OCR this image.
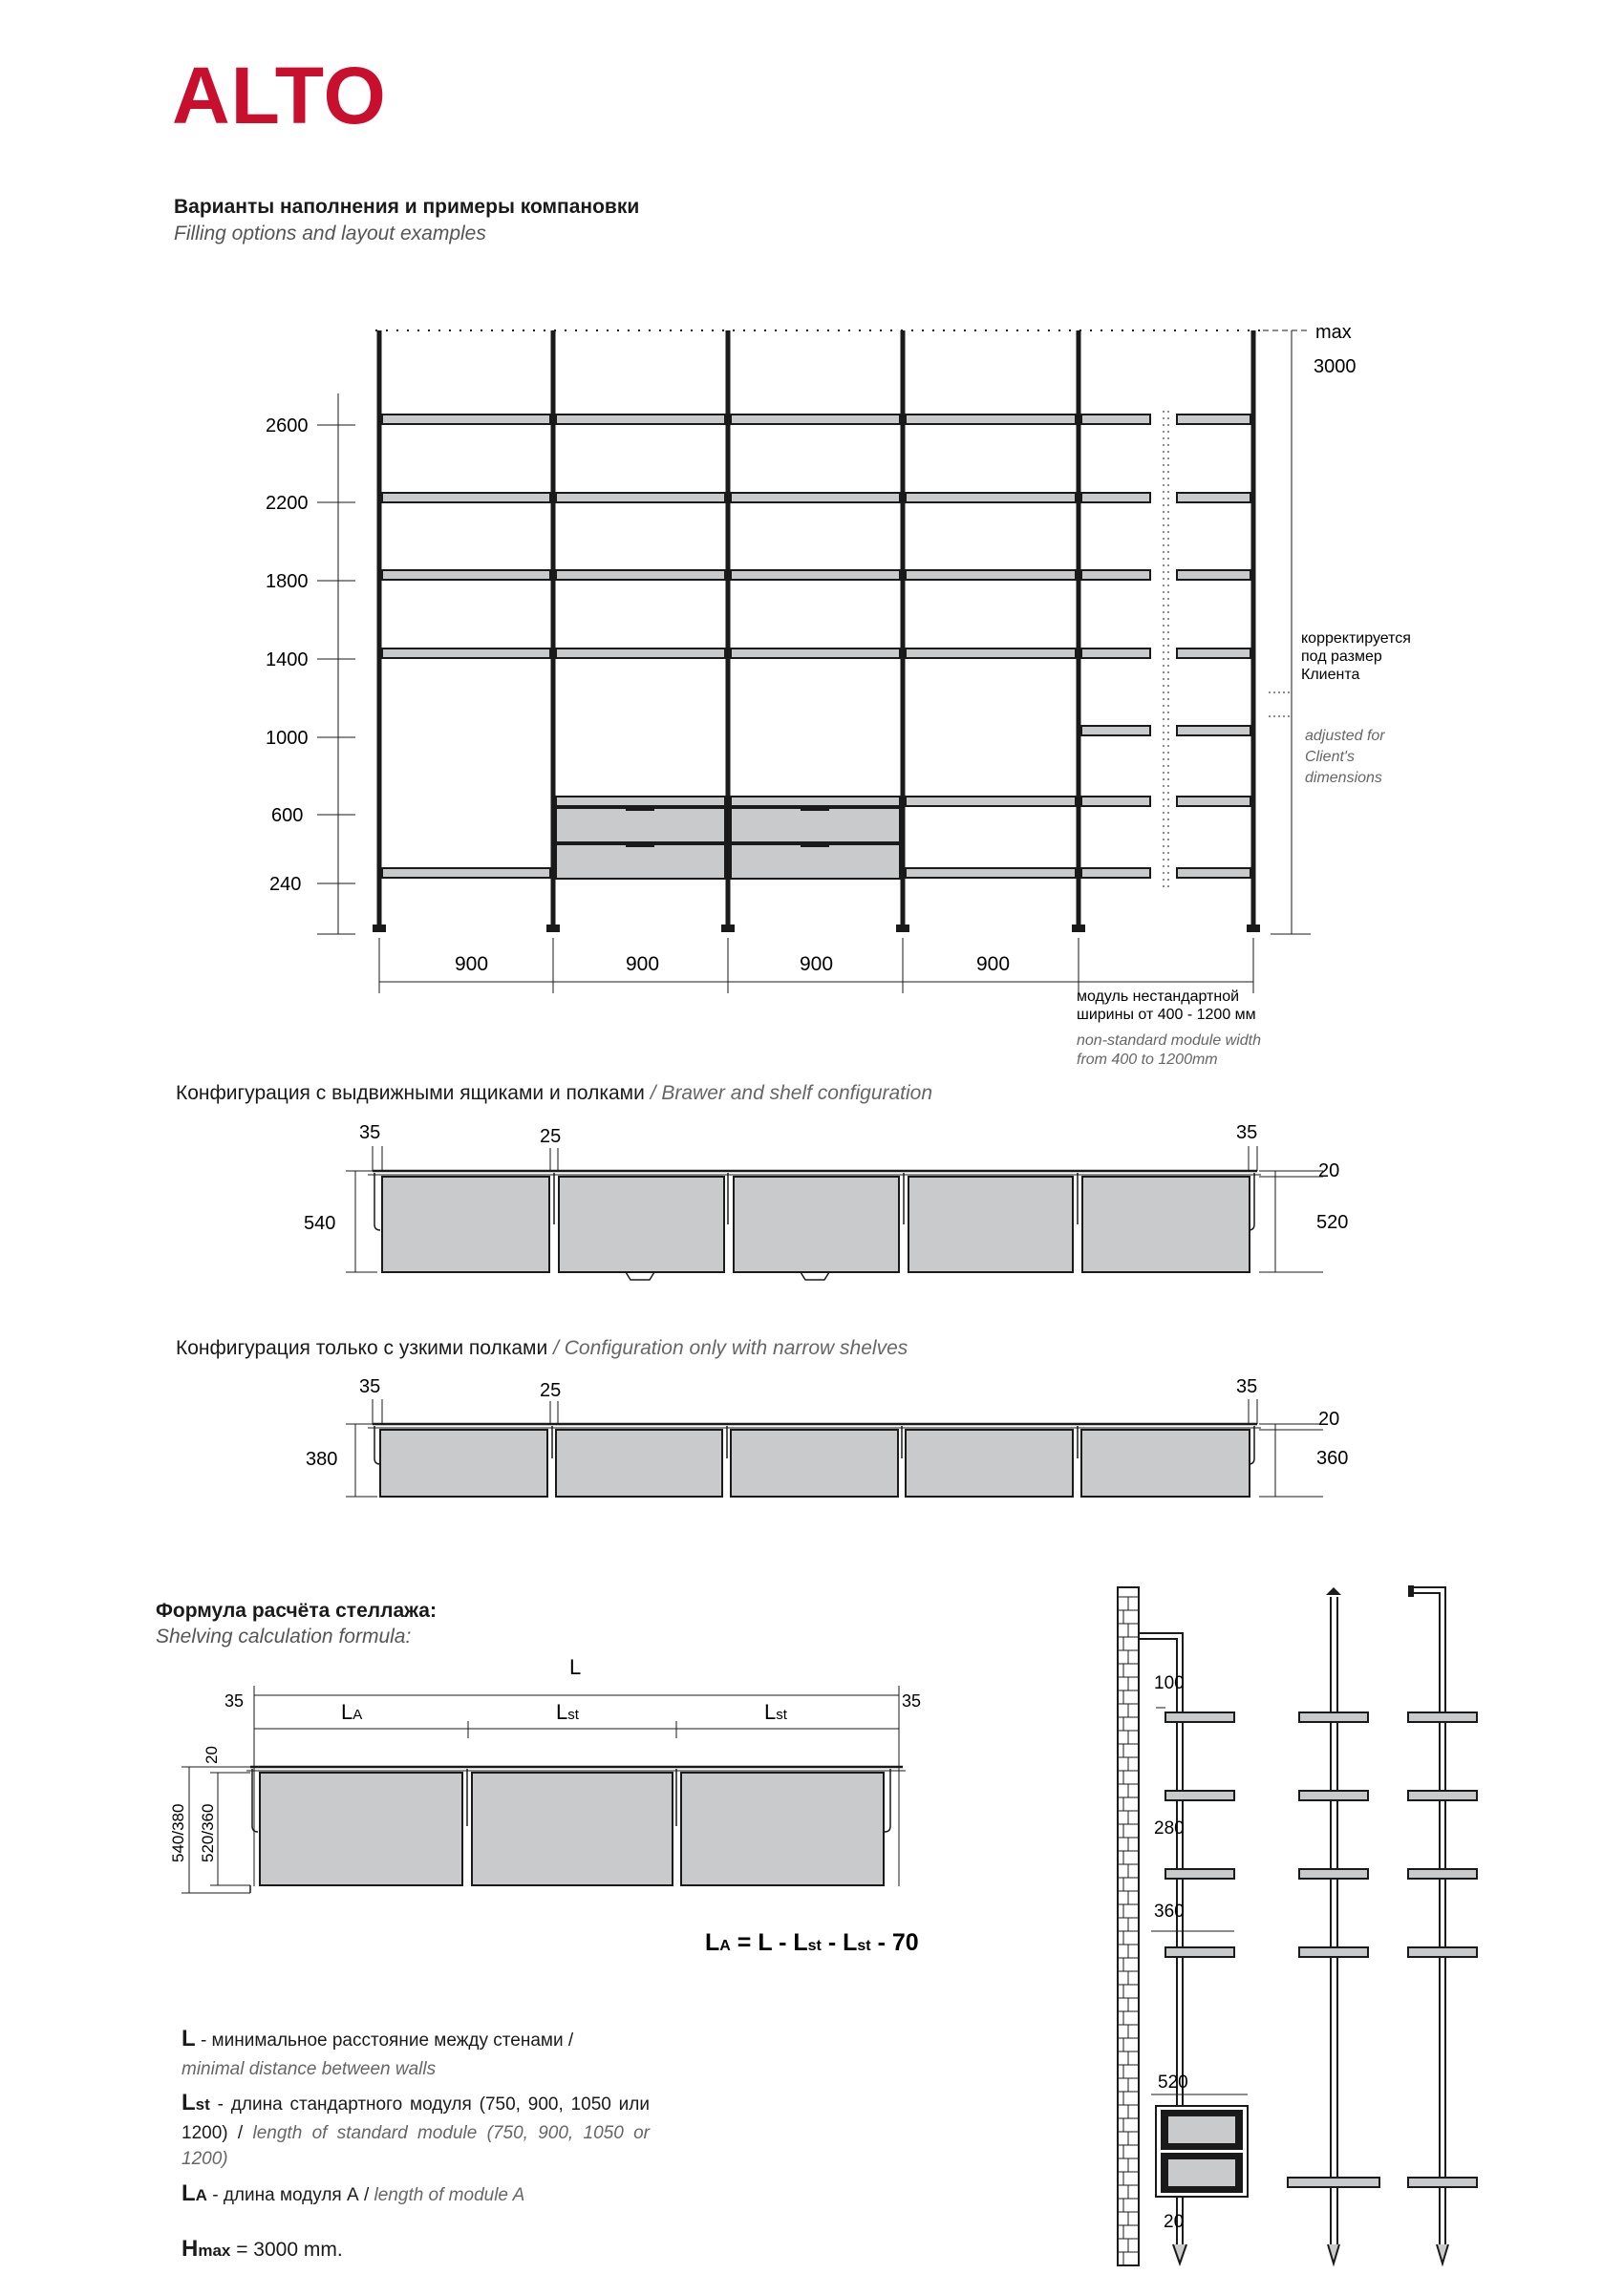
ALTO
Варианты наполнения и примеры компановки
Filling options and layout examples
2600
2200
1800
1400
1000
600
240
max
3000
корректируется
под размер
Клиента
adjusted for
Client's
dimensions
900	900	900	900
модуль нестандартной
ширины от 400 - 1200 мм
non-standard module width
from 400 to 1200mm
Конфигурация с выдвижными ящиками и полками / Brawer and shelf configuration
35	25	35
20
540	520
Конфигурация только с узкими полками / Configuration only with narrow shelves
35	25	35
20
380	360
Формула расчёта стеллажа:
Shelving calculation formula:
L
LA	Lst	Lst
35	35
20
540/380 520/360
LA = L - Lst - Lst - 70
L - минимальное расстояние между стенами /
minimal distance between walls
Lst - длина стандартного модуля (750, 900, 1050 или 1200) / length of standard module (750, 900, 1050 or 1200)
LA - длина модуля А / length of module A
Hmax = 3000 mm.
100
280
360
520
20
